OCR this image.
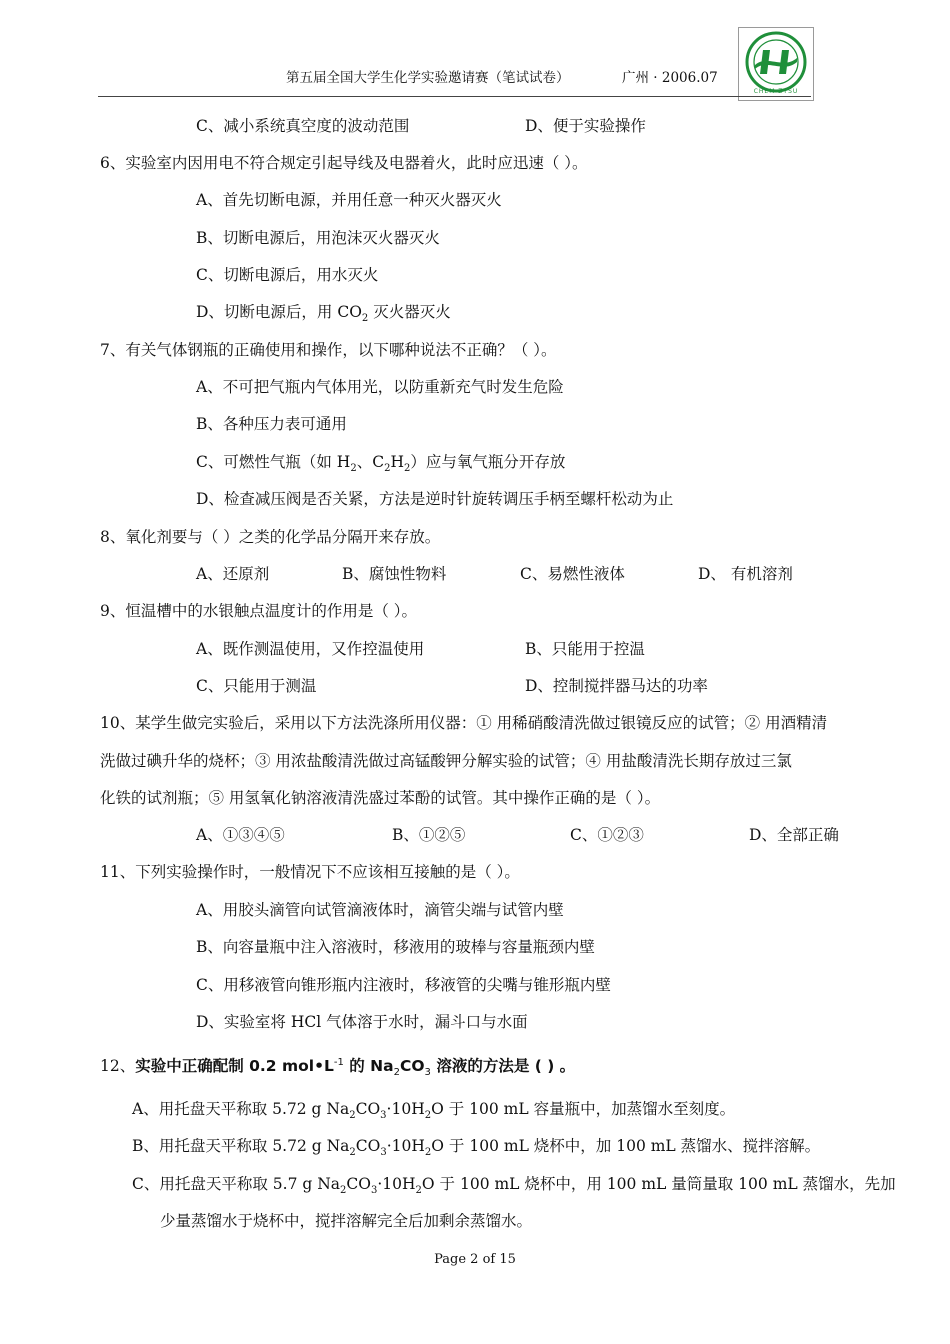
第五届全国大学生化学实验邀请赛（笔试试卷）	广州 · 2006.07
CHEM ZYSU
C、减小系统真空度的波动范围	D、便于实验操作
6、实验室内因用电不符合规定引起导线及电器着火，此时应迅速（ ）。
A、首先切断电源，并用任意一种灭火器灭火
B、切断电源后，用泡沫灭火器灭火
C、切断电源后，用水灭火
D、切断电源后，用 $CO_2$ 灭火器灭火
7、有关气体钢瓶的正确使用和操作，以下哪种说法不正确？（ ）。
A、不可把气瓶内气体用光，以防重新充气时发生危险
B、各种压力表可通用
C、可燃性气瓶（如 $H_2$、$C_2H_2$）应与氧气瓶分开存放
D、检查减压阀是否关紧，方法是逆时针旋转调压手柄至螺杆松动为止
8、氧化剂要与（ ）之类的化学品分隔开来存放。
A、还原剂	B、腐蚀性物料	C、易燃性液体	D、 有机溶剂
9、恒温槽中的水银触点温度计的作用是（ ）。
A、既作测温使用，又作控温使用	B、只能用于控温
C、只能用于测温	D、控制搅拌器马达的功率
10、某学生做完实验后，采用以下方法洗涤所用仪器：① 用稀硝酸清洗做过银镜反应的试管；② 用酒精清
洗做过碘升华的烧杯；③ 用浓盐酸清洗做过高锰酸钾分解实验的试管；④ 用盐酸清洗长期存放过三氯
化铁的试剂瓶；⑤ 用氢氧化钠溶液清洗盛过苯酚的试管。其中操作正确的是（ ）。
A、①③④⑤	B、①②⑤	C、①②③	D、全部正确
11、下列实验操作时，一般情况下不应该相互接触的是（ ）。
A、用胶头滴管向试管滴液体时，滴管尖端与试管内壁
B、向容量瓶中注入溶液时，移液用的玻棒与容量瓶颈内壁
C、用移液管向锥形瓶内注液时，移液管的尖嘴与锥形瓶内壁
D、实验室将 HCl 气体溶于水时，漏斗口与水面
12、实验中正确配制 0.2 $mol•L^{-1}$ 的 $Na_2CO_3$ 溶液的方法是 ( ) 。
A、用托盘天平称取 5.72 g $Na_2CO_3\cdot 10H_2O$ 于 100 mL 容量瓶中，加蒸馏水至刻度。
B、用托盘天平称取 5.72 g $Na_2CO_3\cdot 10H_2O$ 于 100 mL 烧杯中，加 100 mL 蒸馏水、搅拌溶解。
C、用托盘天平称取 5.7 g $Na_2CO_3\cdot 10H_2O$ 于 100 mL 烧杯中，用 100 mL 量筒量取 100 mL 蒸馏水，先加
少量蒸馏水于烧杯中，搅拌溶解完全后加剩余蒸馏水。
Page 2 of 15
